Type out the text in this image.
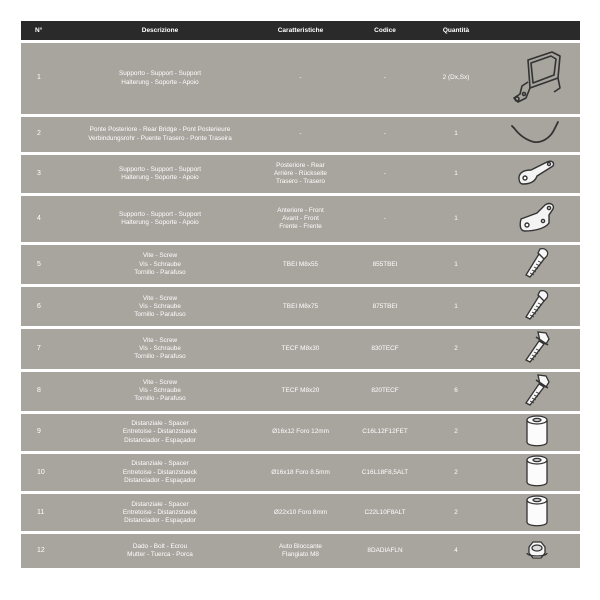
N°	Descrizione	Caratteristiche	Codice	Quantità	
1	Supporto - Support - Support
Halterung - Soporte - Apoio	-	-	2 (Dx,Sx)	

2	Ponte Posteriore - Rear Bridge - Pont Posterieure
Verbindungsrohr - Puente Trasero - Ponte Traseira	-	-	1	

3	Supporto - Support - Support
Halterung - Soporte - Apoio	Posteriore - Rear
Arrière - Rückseite
Trasero - Trasero	-	1	

4	Supporto - Support - Support
Halterung - Soporte - Apoio	Anteriore - Front
Avant - Front
Frente - Frente	-	1	

5	Vite - Screw
Vis - Schraube
Tornillo - Parafuso	TBEI M8x55	855TBEI	1	

6	Vite - Screw
Vis - Schraube
Tornillo - Parafuso	TBEI M8x75	875TBEI	1	

7	Vite - Screw
Vis - Schraube
Tornillo - Parafuso	TECF M8x30	830TECF	2	

8	Vite - Screw
Vis - Schraube
Tornillo - Parafuso	TECF M8x20	820TECF	6	

9	Distanziale - Spacer
Entretoise - Distanzstueck
Distanciador - Espaçador	Ø16x12 Foro 12mm	C16L12F12FET	2	

10	Distanziale - Spacer
Entretoise - Distanzstueck
Distanciador - Espaçador	Ø16x18 Foro 8.5mm	C16L18F8,5ALT	2	

11	Distanziale - Spacer
Entretoise - Distanzstueck
Distanciador - Espaçador	Ø22x10 Foro 8mm	C22L10F8ALT	2	

12	Dado - Bolt - Ecrou
Mutter - Tuerca - Porca	Auto Bloccante
Flangiato M8	8DADIAFLN	4	
